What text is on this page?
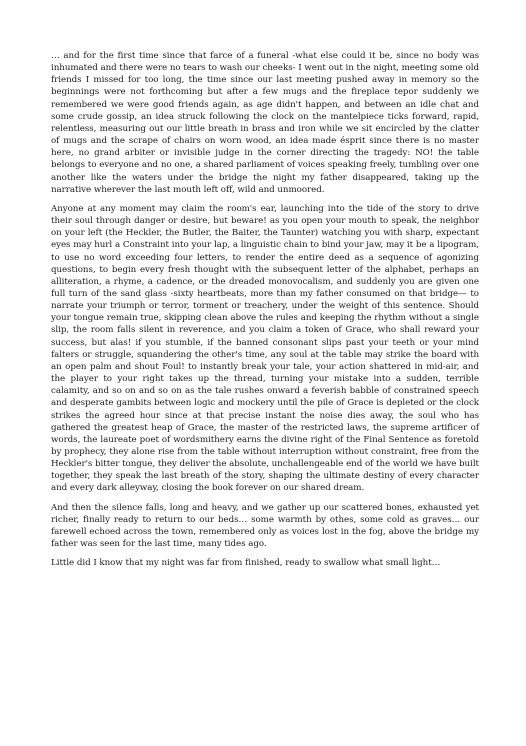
… and for the first time since that farce of a funeral -what else could it be, since no body was inhumated and there were no tears to wash our cheeks- I went out in the night, meeting some old friends I missed for too long, the time since our last meeting pushed away in memory so the beginnings were not forthcoming but after a few mugs and the fireplace tepor suddenly we remembered we were good friends again, as age didn't happen, and between an idle chat and some crude gossip, an idea struck following the clock on the mantelpiece ticks forward, rapid, relentless, measuring out our little breath in brass and iron while we sit encircled by the clatter of mugs and the scrape of chairs on worn wood, an idea made ésprit since there is no master here, no grand arbiter or invisible judge in the corner directing the tragedy: NO! the table belongs to everyone and no one, a shared parliament of voices speaking freely, tumbling over one another like the waters under the bridge the night my father disappeared, taking up the narrative wherever the last mouth left off, wild and unmoored.

Anyone at any moment may claim the room's ear, launching into the tide of the story to drive their soul through danger or desire, but beware! as you open your mouth to speak, the neighbor on your left (the Heckler, the Butler, the Baiter, the Taunter) watching you with sharp, expectant eyes may hurl a Constraint into your lap, a linguistic chain to bind your jaw, may it be a lipogram, to use no word exceeding four letters, to render the entire deed as a sequence of agonizing questions, to begin every fresh thought with the subsequent letter of the alphabet, perhaps an alliteration, a rhyme, a cadence, or the dreaded monovocalism, and suddenly you are given one full turn of the sand glass -sixty heartbeats, more than my father consumed on that bridge— to narrate your triumph or terror, torment or treachery, under the weight of this sentence. Should your tongue remain true, skipping clean above the rules and keeping the rhythm without a single slip, the room falls silent in reverence, and you claim a token of Grace, who shall reward your success, but alas! if you stumble, if the banned consonant slips past your teeth or your mind falters or struggle, squandering the other's time, any soul at the table may strike the board with an open palm and shout Foul! to instantly break your tale, your action shattered in mid-air, and the player to your right takes up the thread, turning your mistake into a sudden, terrible calamity, and so on and so on as the tale rushes onward a feverish babble of constrained speech and desperate gambits between logic and mockery until the pile of Grace is depleted or the clock strikes the agreed hour since at that precise instant the noise dies away, the soul who has gathered the greatest heap of Grace, the master of the restricted laws, the supreme artificer of words, the laureate poet of wordsmithery earns the divine right of the Final Sentence as foretold by prophecy, they alone rise from the table without interruption without constraint, free from the Heckler's bitter tongue, they deliver the absolute, unchallengeable end of the world we have built together, they speak the last breath of the story, shaping the ultimate destiny of every character and every dark alleyway, closing the book forever on our shared dream.

And then the silence falls, long and heavy, and we gather up our scattered bones, exhausted yet richer, finally ready to return to our beds… some warmth by othes, some cold as graves… our farewell echoed across the town, remembered only as voices lost in the fog, above the bridge my father was seen for the last time, many tides ago.

Little did I know that my night was far from finished, ready to swallow what small light…
